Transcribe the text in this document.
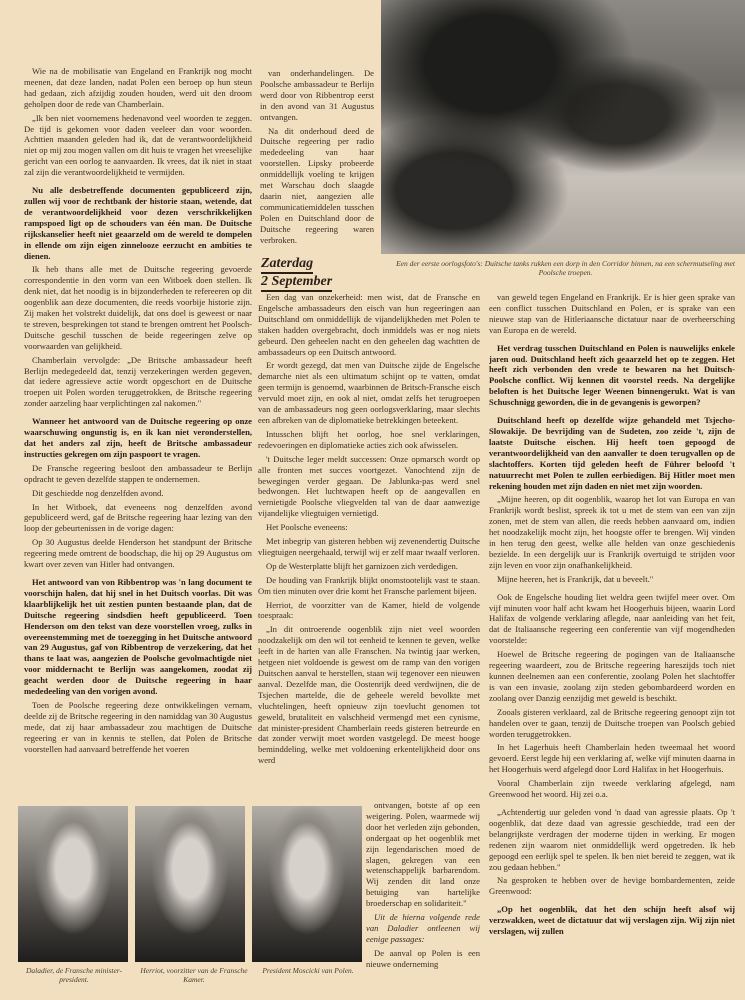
Een der eerste oorlogsfoto's: Duitsche tanks rukken een dorp in den Corridor binnen, na een schermutseling met Poolsche troepen.
Zaterdag
2 September

Wie na de mobilisatie van Engeland en Frankrijk nog mocht meenen, dat deze landen, nadat Polen een beroep op hun steun had gedaan, zich afzijdig zouden houden, werd uit den droom geholpen door de rede van Chamberlain.

„Ik ben niet voornemens hedenavond veel woorden te zeggen. De tijd is gekomen voor daden veeleer dan voor woorden. Achttien maanden geleden had ik, dat de verantwoordelijkheid niet op mij zou mogen vallen om dit huis te vragen het vreeselijke gericht van een oorlog te aanvaarden. Ik vrees, dat ik niet in staat zal zijn die verantwoordelijkheid te vermijden.

Nu alle desbetreffende documenten gepubliceerd zijn, zullen wij voor de rechtbank der historie staan, wetende, dat de verantwoordelijkheid voor dezen verschrikkelijken rampspoed ligt op de schouders van één man. De Duitsche rijkskanselier heeft niet geaarzeld om de wereld te dompelen in ellende om zijn eigen zinnelooze eerzucht en ambities te dienen.

Ik heb thans alle met de Duitsche regeering gevoerde correspondentie in den vorm van een Witboek doen stellen. Ik denk niet, dat het noodig is in bijzonderheden te refereeren op dit oogenblik aan deze documenten, die reeds voorbije historie zijn. Zij maken het volstrekt duidelijk, dat ons doel is geweest or naar te streven, besprekingen tot stand te brengen omtrent het Poolsch-Duitsche geschil tusschen de beide regeeringen zelve op voorwaarden van gelijkheid.

Chamberlain vervolgde: „De Britsche ambassadeur heeft Berlijn medegedeeld dat, tenzij verzekeringen werden gegeven, dat iedere agressieve actie wordt opgeschort en de Duitsche troepen uit Polen worden teruggetrokken, de Britsche regeering zonder aarzeling haar verplichtingen zal nakomen."

Wanneer het antwoord van de Duitsche regeering op onze waarschuwing ongunstig is, en ik kan niet veronderstellen, dat het anders zal zijn, heeft de Britsche ambassadeur instructies gekregen om zijn paspoort te vragen.

De Fransche regeering besloot den ambassadeur te Berlijn opdracht te geven dezelfde stappen te ondernemen.

Dit geschiedde nog denzelfden avond.

In het Witboek, dat eveneens nog denzelfden avond gepubliceerd werd, gaf de Britsche regeering haar lezing van den loop der gebeurtenissen in de vorige dagen:

Op 30 Augustus deelde Henderson het standpunt der Britsche regeering mede omtrent de boodschap, die hij op 29 Augustus om kwart over zeven van Hitler had ontvangen.

Het antwoord van von Ribbentrop was 'n lang document te voorschijn halen, dat hij snel in het Duitsch voorlas. Dit was klaarblijkelijk het uit zestien punten bestaande plan, dat de Duitsche regeering sindsdien heeft gepubliceerd. Toen Henderson om den tekst van deze voorstellen vroeg, zulks in overeenstemming met de toezegging in het Duitsche antwoord van 29 Augustus, gaf von Ribbentrop de verzekering, dat het thans te laat was, aangezien de Poolsche gevolmachtigde niet voor middernacht te Berlijn was aangekomen, zoodat zij geacht werden door de Duitsche regeering in haar mededeeling van den vorigen avond.

Toen de Poolsche regeering deze ontwikkelingen vernam, deelde zij de Britsche regeering in den namiddag van 30 Augustus mede, dat zij haar ambassadeur zou machtigen de Duitsche regeering er van in kennis te stellen, dat Polen de Britsche voorstellen had aanvaard betreffende het voeren

van onderhandelingen. De Poolsche ambassadeur te Berlijn werd door von Ribbentrop eerst in den avond van 31 Augustus ontvangen.

Na dit onderhoud deed de Duitsche regeering per radio mededeeling van haar voorstellen. Lipsky probeerde onmiddellijk voeling te krijgen met Warschau doch slaagde daarin niet, aangezien alle communicatiemiddelen tusschen Polen en Duitschland door de Duitsche regeering waren verbroken.

Een dag van onzekerheid: men wist, dat de Fransche en Engelsche ambassadeurs den eisch van hun regeeringen aan Duitschland om onmiddellijk de vijandelijkheden met Polen te staken hadden overgebracht, doch inmiddels was er nog niets gebeurd. Den geheelen nacht en den geheelen dag wachtten de ambassadeurs op een Duitsch antwoord.

Er wordt gezegd, dat men van Duitsche zijde de Engelsche demarche niet als een ultimatum schijnt op te vatten, omdat geen termijn is genoemd, waarbinnen de Britsch-Fransche eisch vervuld moet zijn, en ook al niet, omdat zelfs het terugroepen van de ambassadeurs nog geen oorlogsverklaring, maar slechts een afbreken van de diplomatieke betrekkingen beteekent.

Intusschen blijft het oorlog, hoe snel verklaringen, redevoeringen en diplomatieke acties zich ook afwisselen.

't Duitsche leger meldt successen: Onze opmarsch wordt op alle fronten met succes voortgezet. Vanochtend zijn de bewegingen verder gegaan. De Jablunka-pas werd snel bedwongen. Het luchtwapen heeft op de aangevallen en vernietigde Poolsche vliegvelden tal van de daar aanwezige vijandelijke vliegtuigen vernietigd.

Het Poolsche eveneens:

Met inbegrip van gisteren hebben wij zevenendertig Duitsche vliegtuigen neergehaald, terwijl wij er zelf maar twaalf verloren.

Op de Westerplatte blijft het garnizoen zich verdedigen.

De houding van Frankrijk blijkt onomstootelijk vast te staan. Om tien minuten over drie komt het Fransche parlement bijeen.

Herriot, de voorzitter van de Kamer, hield de volgende toespraak:

„In dit ontroerende oogenblik zijn niet veel woorden noodzakelijk om den wil tot eenheid te kennen te geven, welke leeft in de harten van alle Franschen. Na twintig jaar werken, hetgeen niet voldoende is gewest om de ramp van den vorigen Duitschen aanval te herstellen, staan wij tegenover een nieuwen aanval. Dezelfde man, die Oostenrijk deed verdwijnen, die de Tsjechen martelde, die de geheele wereld bevolkte met vluchtelingen, heeft opnieuw zijn toevlucht genomen tot geweld, brutaliteit en valschheid vermengd met een cynisme, dat minister-president Chamberlain reeds gisteren betreurde en dat zonder verwijt moet worden vastgelegd. De meest hooge beminddeling, welke met voldoening erkentelijkheid door ons werd

ontvangen, botste af op een weigering. Polen, waarmede wij door het verleden zijn gebonden, ondergaat op het oogenblik met zijn legendarischen moed de slagen, gekregen van een wetenschappelijk barbarendom. Wij zenden dit land onze betuiging van hartelijke broederschap en solidariteit."

Uit de hierna volgende rede van Daladier ontleenen wij eenige passages:

De aanval op Polen is een nieuwe onderneming

van geweld tegen Engeland en Frankrijk. Er is hier geen sprake van een conflict tusschen Duitschland en Polen, er is sprake van een nieuwe stap van de Hitleriaansche dictatuur naar de overheersching van Europa en de wereld.

Het verdrag tusschen Duitschland en Polen is nauwelijks enkele jaren oud. Duitschland heeft zich geaarzeld het op te zeggen. Het heeft zich verbonden den vrede te bewaren na het Duitsch-Poolsche conflict. Wij kennen dit voorstel reeds. Na dergelijke beloften is het Duitsche leger Weenen binnengerukt. Wat is van Schuschnigg geworden, die in de gevangenis is geworpen?

Duitschland heeft op dezelfde wijze gehandeld met Tsjecho-Slowakije. De bevrijding van de Sudeten, zoo zeide 't, zijn de laatste Duitsche eischen. Hij heeft toen gepoogd de verantwoordelijkheid van den aanvaller te doen terugvallen op de slachtoffers. Korten tijd geleden heeft de Führer beloofd 't natuurrecht met Polen te zullen eerbiedigen. Bij Hitler moet men rekening houden met zijn daden en niet met zijn woorden.

„Mijne heeren, op dit oogenblik, waarop het lot van Europa en van Frankrijk wordt beslist, spreek ik tot u met de stem van een van zijn zonen, met de stem van allen, die reeds hebben aanvaard om, indien het noodzakelijk mocht zijn, het hoogste offer te brengen. Wij vinden in hen terug den geest, welke alle helden van onze geschiedenis bezielde. In een dergelijk uur is Frankrijk overtuigd te strijden voor zijn leven en voor zijn onafhankelijkheid.

Mijne heeren, het is Frankrijk, dat u beveelt."

Ook de Engelsche houding liet weldra geen twijfel meer over. Om vijf minuten voor half acht kwam het Hoogerhuis bijeen, waarin Lord Halifax de volgende verklaring aflegde, naar aanleiding van het feit, dat de Italiaansche regeering een conferentie van vijf mogendheden voorstelde:

Hoewel de Britsche regeering de pogingen van de Italiaansche regeering waardeert, zou de Britsche regeering hareszijds toch niet kunnen deelnemen aan een conferentie, zoolang Polen het slachtoffer is van een invasie, zoolang zijn steden gebombardeerd worden en zoolang over Danzig eenzijdig met geweld is beschikt.

Zooals gisteren verklaard, zal de Britsche regeering genoopt zijn tot handelen over te gaan, tenzij de Duitsche troepen van Poolsch gebied worden teruggetrokken.

In het Lagerhuis heeft Chamberlain heden tweemaal het woord gevoerd. Eerst legde hij een verklaring af, welke vijf minuten daarna in het Hoogerhuis werd afgelegd door Lord Halifax in het Hoogerhuis.

Vooral Chamberlain zijn tweede verklaring afgelegd, nam Greenwood het woord. Hij zei o.a.

„Achtendertig uur geleden vond 'n daad van agressie plaats. Op 't oogenblik, dat deze daad van agressie geschiedde, trad een der belangrijkste verdragen der moderne tijden in werking. Er mogen redenen zijn waarom niet onmiddellijk werd opgetreden. Ik heb gepoogd een eerlijk spel te spelen. Ik ben niet bereid te zeggen, wat ik zou gedaan hebben."

Na gesproken te hebben over de hevige bombardementen, zeide Greenwood:

„Op het oogenblik, dat het den schijn heeft alsof wij verzwakken, weet de dictatuur dat wij verslagen zijn. Wij zijn niet verslagen, wij zullen

Daladier, de Fransche minister-president.
Herriot, voorzitter van de Fransche Kamer.
President Moscicki van Polen.
